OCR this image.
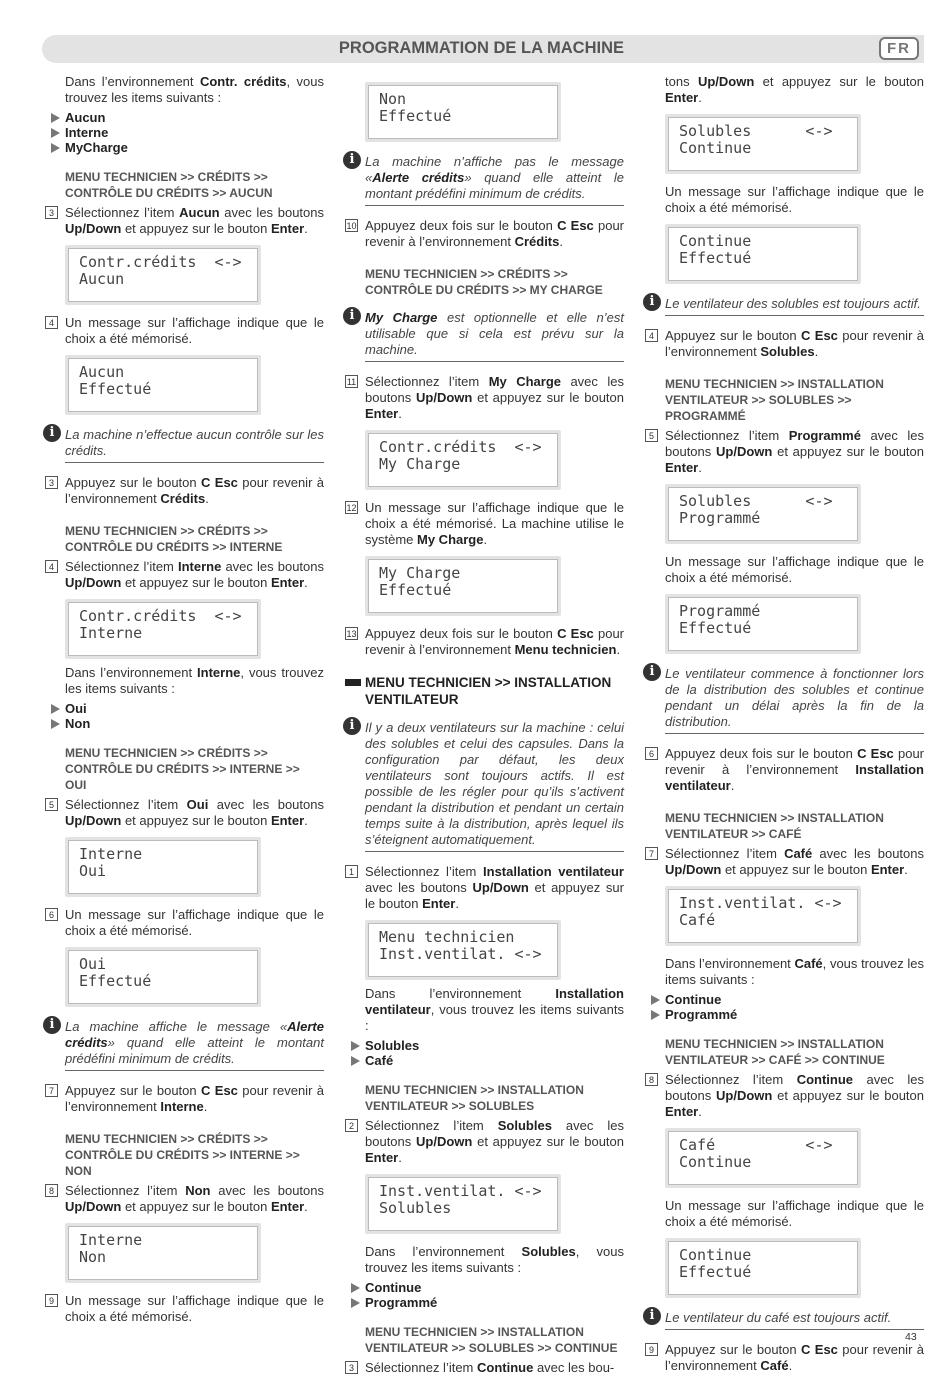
PROGRAMMATION DE LA MACHINE	FR
Dans l’environnement Contr. crédits, vous trouvez les items suivants :
Aucun
Interne
MyCharge
MENU TECHNICIEN >> CRÉDITS >>
CONTRÔLE DU CRÉDITS >> AUCUN
3 Sélectionnez l’item Aucun avec les boutons Up/Down et appuyez sur le bouton Enter.
Contr.crédits  <->
Aucun
4 Un message sur l’affichage indique que le choix a été mémorisé.
Aucun
Effectué
i La machine n’effectue aucun contrôle sur les crédits.
3 Appuyez sur le bouton C Esc pour revenir à l’environnement Crédits.
MENU TECHNICIEN >> CRÉDITS >>
CONTRÔLE DU CRÉDITS >> INTERNE
4 Sélectionnez l’item Interne avec les boutons Up/Down et appuyez sur le bouton Enter.
Contr.crédits  <->
Interne
Dans l’environnement Interne, vous trouvez les items suivants :
Oui
Non
MENU TECHNICIEN >> CRÉDITS >>
CONTRÔLE DU CRÉDITS >> INTERNE >> OUI
5 Sélectionnez l’item Oui avec les boutons Up/Down et appuyez sur le bouton Enter.
Interne
Oui
6 Un message sur l’affichage indique que le choix a été mémorisé.
Oui
Effectué
i La machine affiche le message «Alerte crédits» quand elle atteint le montant prédéfini minimum de crédits.
7 Appuyez sur le bouton C Esc pour revenir à l’environnement Interne.
MENU TECHNICIEN >> CRÉDITS >>
CONTRÔLE DU CRÉDITS >> INTERNE >>
NON
8 Sélectionnez l’item Non avec les boutons Up/Down et appuyez sur le bouton Enter.
Interne
Non
9 Un message sur l’affichage indique que le choix a été mémorisé.
Non
Effectué
i La machine n’affiche pas le message «Alerte crédits» quand elle atteint le montant prédéfini minimum de crédits.
10 Appuyez deux fois sur le bouton C Esc pour revenir à l’environnement Crédits.
MENU TECHNICIEN >> CRÉDITS >>
CONTRÔLE DU CRÉDITS >> MY CHARGE
i My Charge est optionnelle et elle n’est utilisable que si cela est prévu sur la machine.
11 Sélectionnez l’item My Charge avec les boutons Up/Down et appuyez sur le bouton Enter.
Contr.crédits  <->
My Charge
12 Un message sur l’affichage indique que le choix a été mémorisé. La machine utilise le système My Charge.
My Charge
Effectué
13 Appuyez deux fois sur le bouton C Esc pour revenir à l’environnement Menu technicien.
MENU TECHNICIEN >> INSTALLATION VENTILATEUR
i Il y a deux ventilateurs sur la machine : celui des solubles et celui des capsules. Dans la configuration par défaut, les deux ventilateurs sont toujours actifs. Il est possible de les régler pour qu’ils s’activent pendant la distribution et pendant un certain temps suite à la distribution, après lequel ils s’éteignent automatiquement.
1 Sélectionnez l’item Installation ventilateur avec les boutons Up/Down et appuyez sur le bouton Enter.
Menu technicien
Inst.ventilat. <->
Dans l’environnement Installation ventilateur, vous trouvez les items suivants :
Solubles
Café
MENU TECHNICIEN >> INSTALLATION
VENTILATEUR >> SOLUBLES
2 Sélectionnez l’item Solubles avec les boutons Up/Down et appuyez sur le bouton Enter.
Inst.ventilat. <->
Solubles
Dans l’environnement Solubles, vous trouvez les items suivants :
Continue
Programmé
MENU TECHNICIEN >> INSTALLATION
VENTILATEUR >> SOLUBLES >> CONTINUE
3 Sélectionnez l’item Continue avec les bou-
tons Up/Down et appuyez sur le bouton Enter.
Solubles      <->
Continue
Un message sur l’affichage indique que le choix a été mémorisé.
Continue
Effectué
i Le ventilateur des solubles est toujours actif.
4 Appuyez sur le bouton C Esc pour revenir à l’environnement Solubles.
MENU TECHNICIEN >> INSTALLATION
VENTILATEUR >> SOLUBLES >> PROGRAMMÉ
5 Sélectionnez l’item Programmé avec les boutons Up/Down et appuyez sur le bouton Enter.
Solubles      <->
Programmé
Un message sur l’affichage indique que le choix a été mémorisé.
Programmé
Effectué
i Le ventilateur commence à fonctionner lors de la distribution des solubles et continue pendant un délai après la fin de la distribution.
6 Appuyez deux fois sur le bouton C Esc pour revenir à l’environnement Installation ventilateur.
MENU TECHNICIEN >> INSTALLATION
VENTILATEUR >> CAFÉ
7 Sélectionnez l’item Café avec les boutons Up/Down et appuyez sur le bouton Enter.
Inst.ventilat. <->
Café
Dans l’environnement Café, vous trouvez les items suivants :
Continue
Programmé
MENU TECHNICIEN >> INSTALLATION
VENTILATEUR >> CAFÉ >> CONTINUE
8 Sélectionnez l’item Continue avec les boutons Up/Down et appuyez sur le bouton Enter.
Café          <->
Continue
Un message sur l’affichage indique que le choix a été mémorisé.
Continue
Effectué
i Le ventilateur du café est toujours actif.
9 Appuyez sur le bouton C Esc pour revenir à l’environnement Café.
43
